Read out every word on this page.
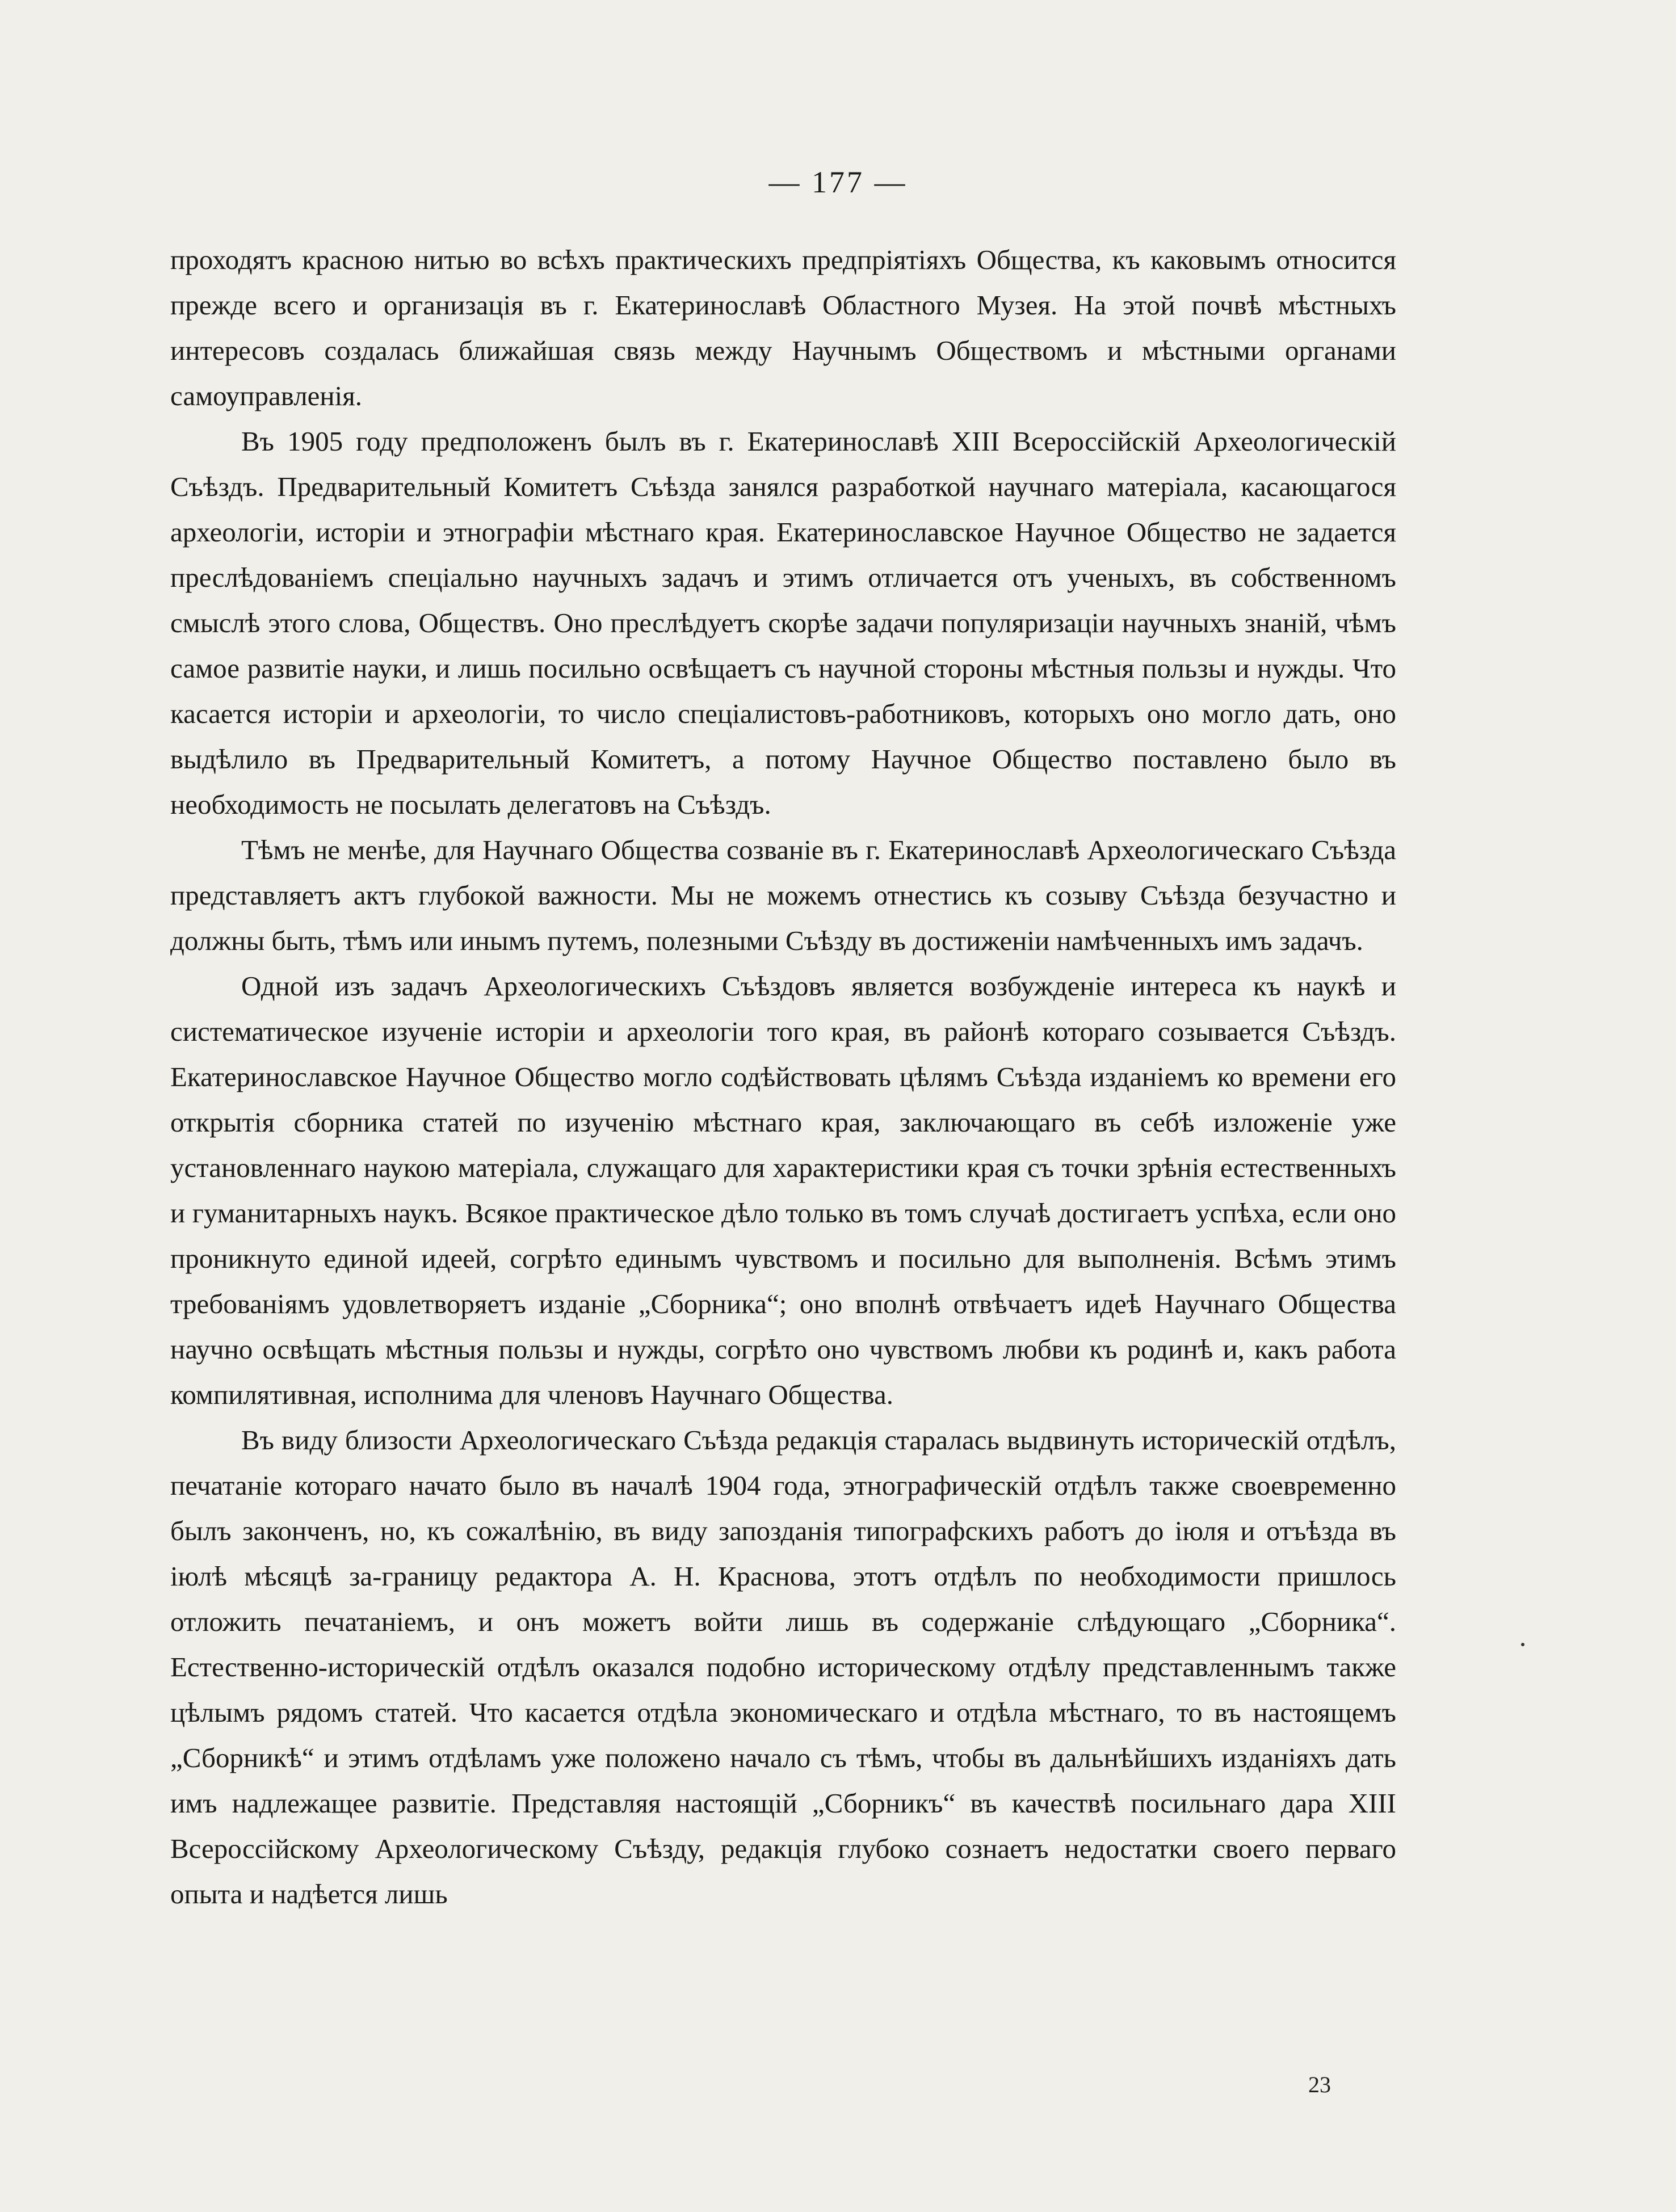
— 177 —

проходятъ красною нитью во всѣхъ практическихъ предпріятіяхъ Общества, къ каковымъ относится прежде всего и организація въ г. Екатеринославѣ Областного Музея. На этой почвѣ мѣстныхъ интересовъ создалась ближайшая связь между Научнымъ Обществомъ и мѣстными органами самоуправленія.

Въ 1905 году предположенъ былъ въ г. Екатеринославѣ XIII Всероссійскій Археологическій Съѣздъ. Предварительный Комитетъ Съѣзда занялся разработкой научнаго матеріала, касающагося археологіи, исторіи и этнографіи мѣстнаго края. Екатеринославское Научное Общество не задается преслѣдованіемъ спеціально научныхъ задачъ и этимъ отличается отъ ученыхъ, въ собственномъ смыслѣ этого слова, Обществъ. Оно преслѣдуетъ скорѣе задачи популяризаціи научныхъ знаній, чѣмъ самое развитіе науки, и лишь посильно освѣщаетъ съ научной стороны мѣстныя пользы и нужды. Что касается исторіи и археологіи, то число спеціалистовъ-работниковъ, которыхъ оно могло дать, оно выдѣлило въ Предварительный Комитетъ, а потому Научное Общество поставлено было въ необходимость не посылать делегатовъ на Съѣздъ.

Тѣмъ не менѣе, для Научнаго Общества созваніе въ г. Екатеринославѣ Археологическаго Съѣзда представляетъ актъ глубокой важности. Мы не можемъ отнестись къ созыву Съѣзда безучастно и должны быть, тѣмъ или инымъ путемъ, полезными Съѣзду въ достиженіи намѣченныхъ имъ задачъ.

Одной изъ задачъ Археологическихъ Съѣздовъ является возбужденіе интереса къ наукѣ и систематическое изученіе исторіи и археологіи того края, въ районѣ котораго созывается Съѣздъ. Екатеринославское Научное Общество могло содѣйствовать цѣлямъ Съѣзда изданіемъ ко времени его открытія сборника статей по изученію мѣстнаго края, заключающаго въ себѣ изложеніе уже установленнаго наукою матеріала, служащаго для характеристики края съ точки зрѣнія естественныхъ и гуманитарныхъ наукъ. Всякое практическое дѣло только въ томъ случаѣ достигаетъ успѣха, если оно проникнуто единой идеей, согрѣто единымъ чувствомъ и посильно для выполненія. Всѣмъ этимъ требованіямъ удовлетворяетъ изданіе „Сборника“; оно вполнѣ отвѣчаетъ идеѣ Научнаго Общества научно освѣщать мѣстныя пользы и нужды, согрѣто оно чувствомъ любви къ родинѣ и, какъ работа компилятивная, исполнима для членовъ Научнаго Общества.

Въ виду близости Археологическаго Съѣзда редакція старалась выдвинуть историческій отдѣлъ, печатаніе котораго начато было въ началѣ 1904 года, этнографическій отдѣлъ также своевременно былъ законченъ, но, къ сожалѣнію, въ виду запозданія типографскихъ работъ до іюля и отъѣзда въ іюлѣ мѣсяцѣ за-границу редактора А. Н. Краснова, этотъ отдѣлъ по необходимости пришлось отложить печатаніемъ, и онъ можетъ войти лишь въ содержаніе слѣдующаго „Сборника“. Естественно-историческій отдѣлъ оказался подобно историческому отдѣлу представленнымъ также цѣлымъ рядомъ статей. Что касается отдѣла экономическаго и отдѣла мѣстнаго, то въ настоящемъ „Сборникѣ“ и этимъ отдѣламъ уже положено начало съ тѣмъ, чтобы въ дальнѣйшихъ изданіяхъ дать имъ надлежащее развитіе. Представляя настоящій „Сборникъ“ въ качествѣ посильнаго дара XIII Всероссійскому Археологическому Съѣзду, редакція глубоко сознаетъ недостатки своего перваго опыта и надѣется лишь

23
